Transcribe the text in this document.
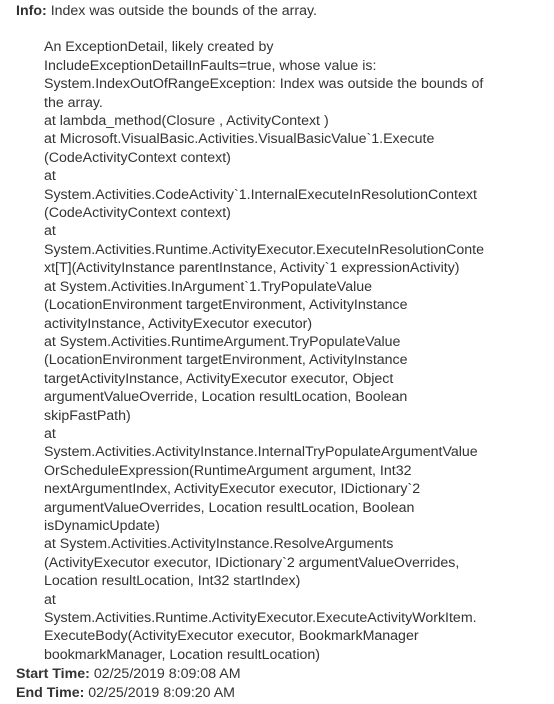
Info: Index was outside the bounds of the array.
An ExceptionDetail, likely created by
IncludeExceptionDetailInFaults=true, whose value is:
System.IndexOutOfRangeException: Index was outside the bounds of
the array.
at lambda_method(Closure , ActivityContext )
at Microsoft.VisualBasic.Activities.VisualBasicValue`1.Execute
(CodeActivityContext context)
at
System.Activities.CodeActivity`1.InternalExecuteInResolutionContext
(CodeActivityContext context)
at
System.Activities.Runtime.ActivityExecutor.ExecuteInResolutionConte
xt[T](ActivityInstance parentInstance, Activity`1 expressionActivity)
at System.Activities.InArgument`1.TryPopulateValue
(LocationEnvironment targetEnvironment, ActivityInstance
activityInstance, ActivityExecutor executor)
at System.Activities.RuntimeArgument.TryPopulateValue
(LocationEnvironment targetEnvironment, ActivityInstance
targetActivityInstance, ActivityExecutor executor, Object
argumentValueOverride, Location resultLocation, Boolean
skipFastPath)
at
System.Activities.ActivityInstance.InternalTryPopulateArgumentValue
OrScheduleExpression(RuntimeArgument argument, Int32
nextArgumentIndex, ActivityExecutor executor, IDictionary`2
argumentValueOverrides, Location resultLocation, Boolean
isDynamicUpdate)
at System.Activities.ActivityInstance.ResolveArguments
(ActivityExecutor executor, IDictionary`2 argumentValueOverrides,
Location resultLocation, Int32 startIndex)
at
System.Activities.Runtime.ActivityExecutor.ExecuteActivityWorkItem.
ExecuteBody(ActivityExecutor executor, BookmarkManager
bookmarkManager, Location resultLocation)
Start Time: 02/25/2019 8:09:08 AM
End Time: 02/25/2019 8:09:20 AM
